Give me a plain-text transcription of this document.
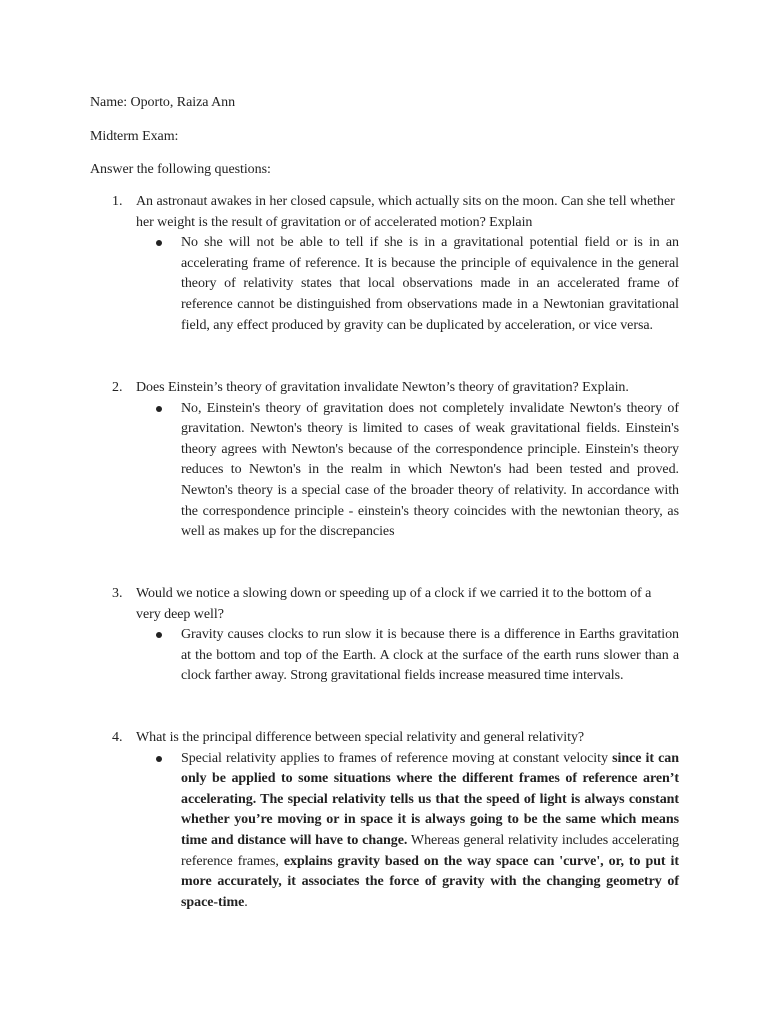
Name: Oporto, Raiza Ann
Midterm Exam:
Answer the following questions:
1. An astronaut awakes in her closed capsule, which actually sits on the moon. Can she tell whether her weight is the result of gravitation or of accelerated motion? Explain
No she will not be able to tell if she is in a gravitational potential field or is in an accelerating frame of reference. It is because the principle of equivalence in the general theory of relativity states that local observations made in an accelerated frame of reference cannot be distinguished from observations made in a Newtonian gravitational field, any effect produced by gravity can be duplicated by acceleration, or vice versa.
2. Does Einstein’s theory of gravitation invalidate Newton’s theory of gravitation? Explain.
No, Einstein's theory of gravitation does not completely invalidate Newton's theory of gravitation. Newton's theory is limited to cases of weak gravitational fields. Einstein's theory agrees with Newton's because of the correspondence principle. Einstein's theory reduces to Newton's in the realm in which Newton's had been tested and proved. Newton's theory is a special case of the broader theory of relativity. In accordance with the correspondence principle - einstein's theory coincides with the newtonian theory, as well as makes up for the discrepancies
3. Would we notice a slowing down or speeding up of a clock if we carried it to the bottom of a very deep well?
Gravity causes clocks to run slow it is because there is a difference in Earths gravitation at the bottom and top of the Earth. A clock at the surface of the earth runs slower than a clock farther away. Strong gravitational fields increase measured time intervals.
4. What is the principal difference between special relativity and general relativity?
Special relativity applies to frames of reference moving at constant velocity since it can only be applied to some situations where the different frames of reference aren’t accelerating. The special relativity tells us that the speed of light is always constant whether you’re moving or in space it is always going to be the same which means time and distance will have to change. Whereas general relativity includes accelerating reference frames, explains gravity based on the way space can 'curve', or, to put it more accurately, it associates the force of gravity with the changing geometry of space-time.
